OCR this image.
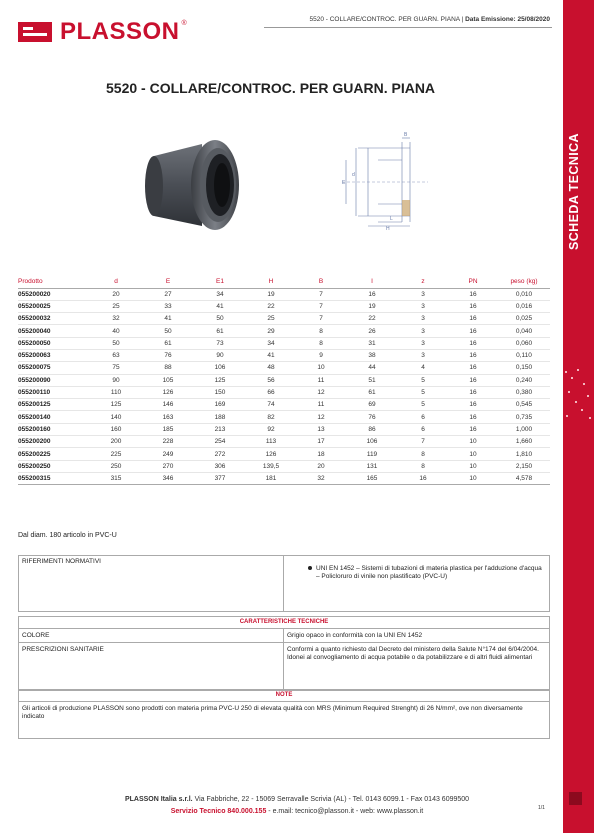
PLASSON ®
5520 - COLLARE/CONTROC. PER GUARN. PIANA | Data Emissione: 25/08/2020
5520 - COLLARE/CONTROC. PER GUARN. PIANA
B
E
d
H
L	SCHEDA TECNICA
Prodotto	d	E	E1	H	B	I	z	PN	peso (kg)
055200020	20	27	34	19	7	16	3	16	0,010
055200025	25	33	41	22	7	19	3	16	0,016
055200032	32	41	50	25	7	22	3	16	0,025
055200040	40	50	61	29	8	26	3	16	0,040
055200050	50	61	73	34	8	31	3	16	0,060
055200063	63	76	90	41	9	38	3	16	0,110
055200075	75	88	106	48	10	44	4	16	0,150
055200090	90	105	125	56	11	51	5	16	0,240
055200110	110	126	150	66	12	61	5	16	0,380
055200125	125	146	169	74	11	69	5	16	0,545
055200140	140	163	188	82	12	76	6	16	0,735
055200160	160	185	213	92	13	86	6	16	1,000
055200200	200	228	254	113	17	106	7	10	1,660
055200225	225	249	272	126	18	119	8	10	1,810
055200250	250	270	306	139,5	20	131	8	10	2,150
055200315	315	346	377	181	32	165	16	10	4,578
Dal diam. 180 articolo in PVC-U
RIFERIMENTI NORMATIVI
UNI EN 1452 – Sistemi di tubazioni di materia plastica per l'adduzione d'acqua – Policloruro di vinile non plastificato (PVC-U)
CARATTERISTICHE TECNICHE
COLORE	Grigio opaco in conformità con la UNI EN 1452
PRESCRIZIONI SANITARIE	Conformi a quanto richiesto dal Decreto del ministero della Salute N°174 del 6/04/2004. Idonei al convogliamento di acqua potabile o da potabilizzare e di altri fluidi alimentari
NOTE
Gli articoli di produzione PLASSON sono prodotti con materia prima PVC-U 250 di elevata qualità con MRS (Minimum Required Strenght) di 26 N/mm², ove non diversamente indicato
PLASSON Italia s.r.l. Via Fabbriche, 22 - 15069 Serravalle Scrivia (AL) - Tel. 0143 6099.1 - Fax 0143 6099500
Servizio Tecnico 840.000.155 - e.mail: tecnico@plasson.it - web: www.plasson.it	1/1
